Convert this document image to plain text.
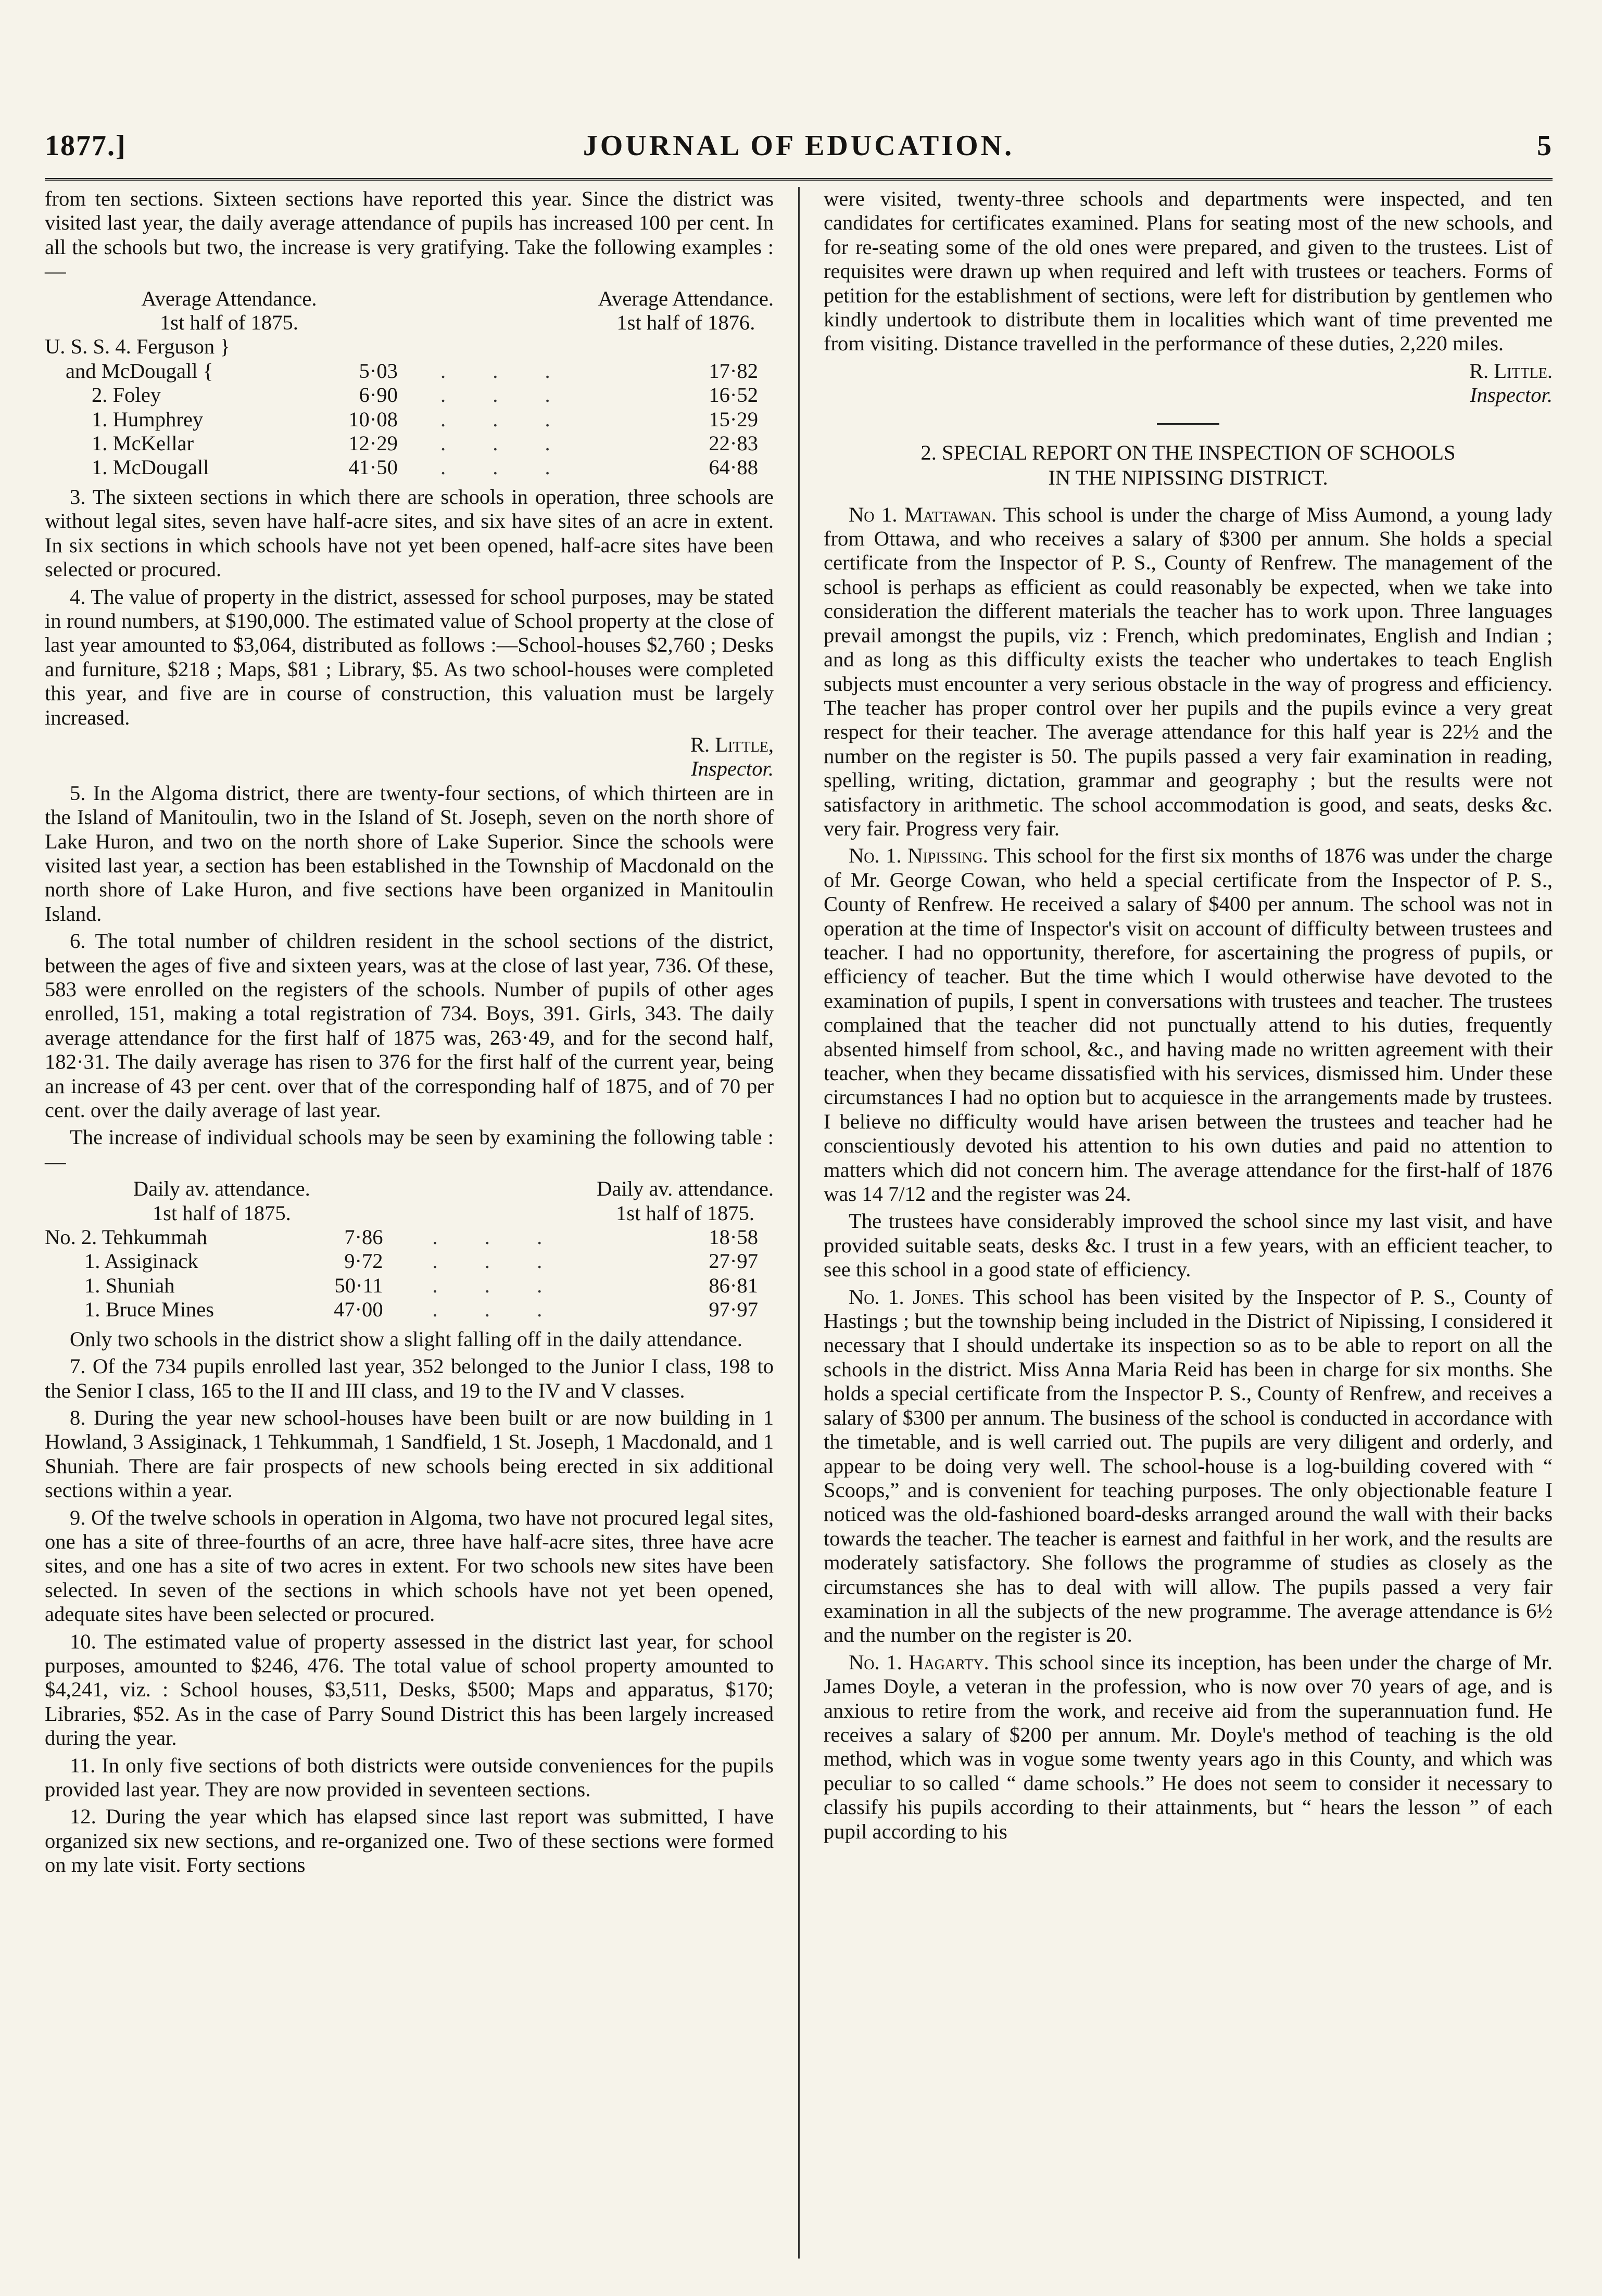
1877.]	JOURNAL OF EDUCATION.	5

from ten sections. Sixteen sections have reported this year. Since the district was visited last year, the daily average attendance of pupils has increased 100 per cent. In all the schools but two, the increase is very gratifying. Take the following examples :—

Average Attendance.			Average Attendance.
1st half of 1875.			1st half of 1876.
U. S. S. 4. Ferguson }			
and McDougall {	5·03	. . .	17·82
2. Foley	6·90	. . .	16·52
1. Humphrey	10·08	. . .	15·29
1. McKellar	12·29	. . .	22·83
1. McDougall	41·50	. . .	64·88

3. The sixteen sections in which there are schools in operation, three schools are without legal sites, seven have half-acre sites, and six have sites of an acre in extent. In six sections in which schools have not yet been opened, half-acre sites have been selected or procured.

4. The value of property in the district, assessed for school purposes, may be stated in round numbers, at $190,000. The estimated value of School property at the close of last year amounted to $3,064, distributed as follows :—School-houses $2,760 ; Desks and furniture, $218 ; Maps, $81 ; Library, $5. As two school-houses were completed this year, and five are in course of construction, this valuation must be largely increased.

R. Little,

Inspector.

5. In the Algoma district, there are twenty-four sections, of which thirteen are in the Island of Manitoulin, two in the Island of St. Joseph, seven on the north shore of Lake Huron, and two on the north shore of Lake Superior. Since the schools were visited last year, a section has been established in the Township of Macdonald on the north shore of Lake Huron, and five sections have been organized in Manitoulin Island.

6. The total number of children resident in the school sections of the district, between the ages of five and sixteen years, was at the close of last year, 736. Of these, 583 were enrolled on the registers of the schools. Number of pupils of other ages enrolled, 151, making a total registration of 734. Boys, 391. Girls, 343. The daily average attendance for the first half of 1875 was, 263·49, and for the second half, 182·31. The daily average has risen to 376 for the first half of the current year, being an increase of 43 per cent. over that of the corresponding half of 1875, and of 70 per cent. over the daily average of last year.

The increase of individual schools may be seen by examining the following table :—

Daily av. attendance.			Daily av. attendance.
1st half of 1875.			1st half of 1875.
No. 2. Tehkummah	7·86	. . .	18·58
1. Assiginack	9·72	. . .	27·97
1. Shuniah	50·11	. . .	86·81
1. Bruce Mines	47·00	. . .	97·97

Only two schools in the district show a slight falling off in the daily attendance.

7. Of the 734 pupils enrolled last year, 352 belonged to the Junior I class, 198 to the Senior I class, 165 to the II and III class, and 19 to the IV and V classes.

8. During the year new school-houses have been built or are now building in 1 Howland, 3 Assiginack, 1 Tehkummah, 1 Sandfield, 1 St. Joseph, 1 Macdonald, and 1 Shuniah. There are fair prospects of new schools being erected in six additional sections within a year.

9. Of the twelve schools in operation in Algoma, two have not procured legal sites, one has a site of three-fourths of an acre, three have half-acre sites, three have acre sites, and one has a site of two acres in extent. For two schools new sites have been selected. In seven of the sections in which schools have not yet been opened, adequate sites have been selected or procured.

10. The estimated value of property assessed in the district last year, for school purposes, amounted to $246, 476. The total value of school property amounted to $4,241, viz. : School houses, $3,511, Desks, $500; Maps and apparatus, $170; Libraries, $52. As in the case of Parry Sound District this has been largely increased during the year.

11. In only five sections of both districts were outside conveniences for the pupils provided last year. They are now provided in seventeen sections.

12. During the year which has elapsed since last report was submitted, I have organized six new sections, and re-organized one. Two of these sections were formed on my late visit. Forty sections

were visited, twenty-three schools and departments were inspected, and ten candidates for certificates examined. Plans for seating most of the new schools, and for re-seating some of the old ones were prepared, and given to the trustees. List of requisites were drawn up when required and left with trustees or teachers. Forms of petition for the establishment of sections, were left for distribution by gentlemen who kindly undertook to distribute them in localities which want of time prevented me from visiting. Distance travelled in the performance of these duties, 2,220 miles.

R. Little.

Inspector.

2. SPECIAL REPORT ON THE INSPECTION OF SCHOOLS
IN THE NIPISSING DISTRICT.

No 1. Mattawan. This school is under the charge of Miss Aumond, a young lady from Ottawa, and who receives a salary of $300 per annum. She holds a special certificate from the Inspector of P. S., County of Renfrew. The management of the school is perhaps as efficient as could reasonably be expected, when we take into consideration the different materials the teacher has to work upon. Three languages prevail amongst the pupils, viz : French, which predominates, English and Indian ; and as long as this difficulty exists the teacher who undertakes to teach English subjects must encounter a very serious obstacle in the way of progress and efficiency. The teacher has proper control over her pupils and the pupils evince a very great respect for their teacher. The average attendance for this half year is 22½ and the number on the register is 50. The pupils passed a very fair examination in reading, spelling, writing, dictation, grammar and geography ; but the results were not satisfactory in arithmetic. The school accommodation is good, and seats, desks &c. very fair. Progress very fair.

No. 1. Nipissing. This school for the first six months of 1876 was under the charge of Mr. George Cowan, who held a special certificate from the Inspector of P. S., County of Renfrew. He received a salary of $400 per annum. The school was not in operation at the time of Inspector's visit on account of difficulty between trustees and teacher. I had no opportunity, therefore, for ascertaining the progress of pupils, or efficiency of teacher. But the time which I would otherwise have devoted to the examination of pupils, I spent in conversations with trustees and teacher. The trustees complained that the teacher did not punctually attend to his duties, frequently absented himself from school, &c., and having made no written agreement with their teacher, when they became dissatisfied with his services, dismissed him. Under these circumstances I had no option but to acquiesce in the arrangements made by trustees. I believe no difficulty would have arisen between the trustees and teacher had he conscientiously devoted his attention to his own duties and paid no attention to matters which did not concern him. The average attendance for the first-half of 1876 was 14 7/12 and the register was 24.

The trustees have considerably improved the school since my last visit, and have provided suitable seats, desks &c. I trust in a few years, with an efficient teacher, to see this school in a good state of efficiency.

No. 1. Jones. This school has been visited by the Inspector of P. S., County of Hastings ; but the township being included in the District of Nipissing, I considered it necessary that I should undertake its inspection so as to be able to report on all the schools in the district. Miss Anna Maria Reid has been in charge for six months. She holds a special certificate from the Inspector P. S., County of Renfrew, and receives a salary of $300 per annum. The business of the school is conducted in accordance with the timetable, and is well carried out. The pupils are very diligent and orderly, and appear to be doing very well. The school-house is a log-building covered with “ Scoops,” and is convenient for teaching purposes. The only objectionable feature I noticed was the old-fashioned board-desks arranged around the wall with their backs towards the teacher. The teacher is earnest and faithful in her work, and the results are moderately satisfactory. She follows the programme of studies as closely as the circumstances she has to deal with will allow. The pupils passed a very fair examination in all the subjects of the new programme. The average attendance is 6½ and the number on the register is 20.

No. 1. Hagarty. This school since its inception, has been under the charge of Mr. James Doyle, a veteran in the profession, who is now over 70 years of age, and is anxious to retire from the work, and receive aid from the superannuation fund. He receives a salary of $200 per annum. Mr. Doyle's method of teaching is the old method, which was in vogue some twenty years ago in this County, and which was peculiar to so called “ dame schools.” He does not seem to consider it necessary to classify his pupils according to their attainments, but “ hears the lesson ” of each pupil according to his
